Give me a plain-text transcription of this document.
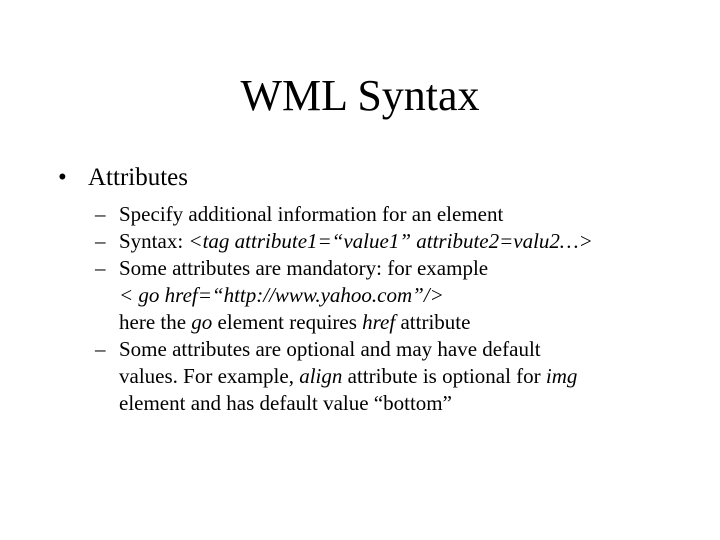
WML Syntax
• Attributes
– Specify additional information for an element
– Syntax: <tag attribute1=“value1” attribute2=valu2…>
– Some attributes are mandatory: for example
< go href=“http://www.yahoo.com”/>
here the go element requires href attribute
– Some attributes are optional and may have default
values. For example, align attribute is optional for img
element and has default value “bottom”
